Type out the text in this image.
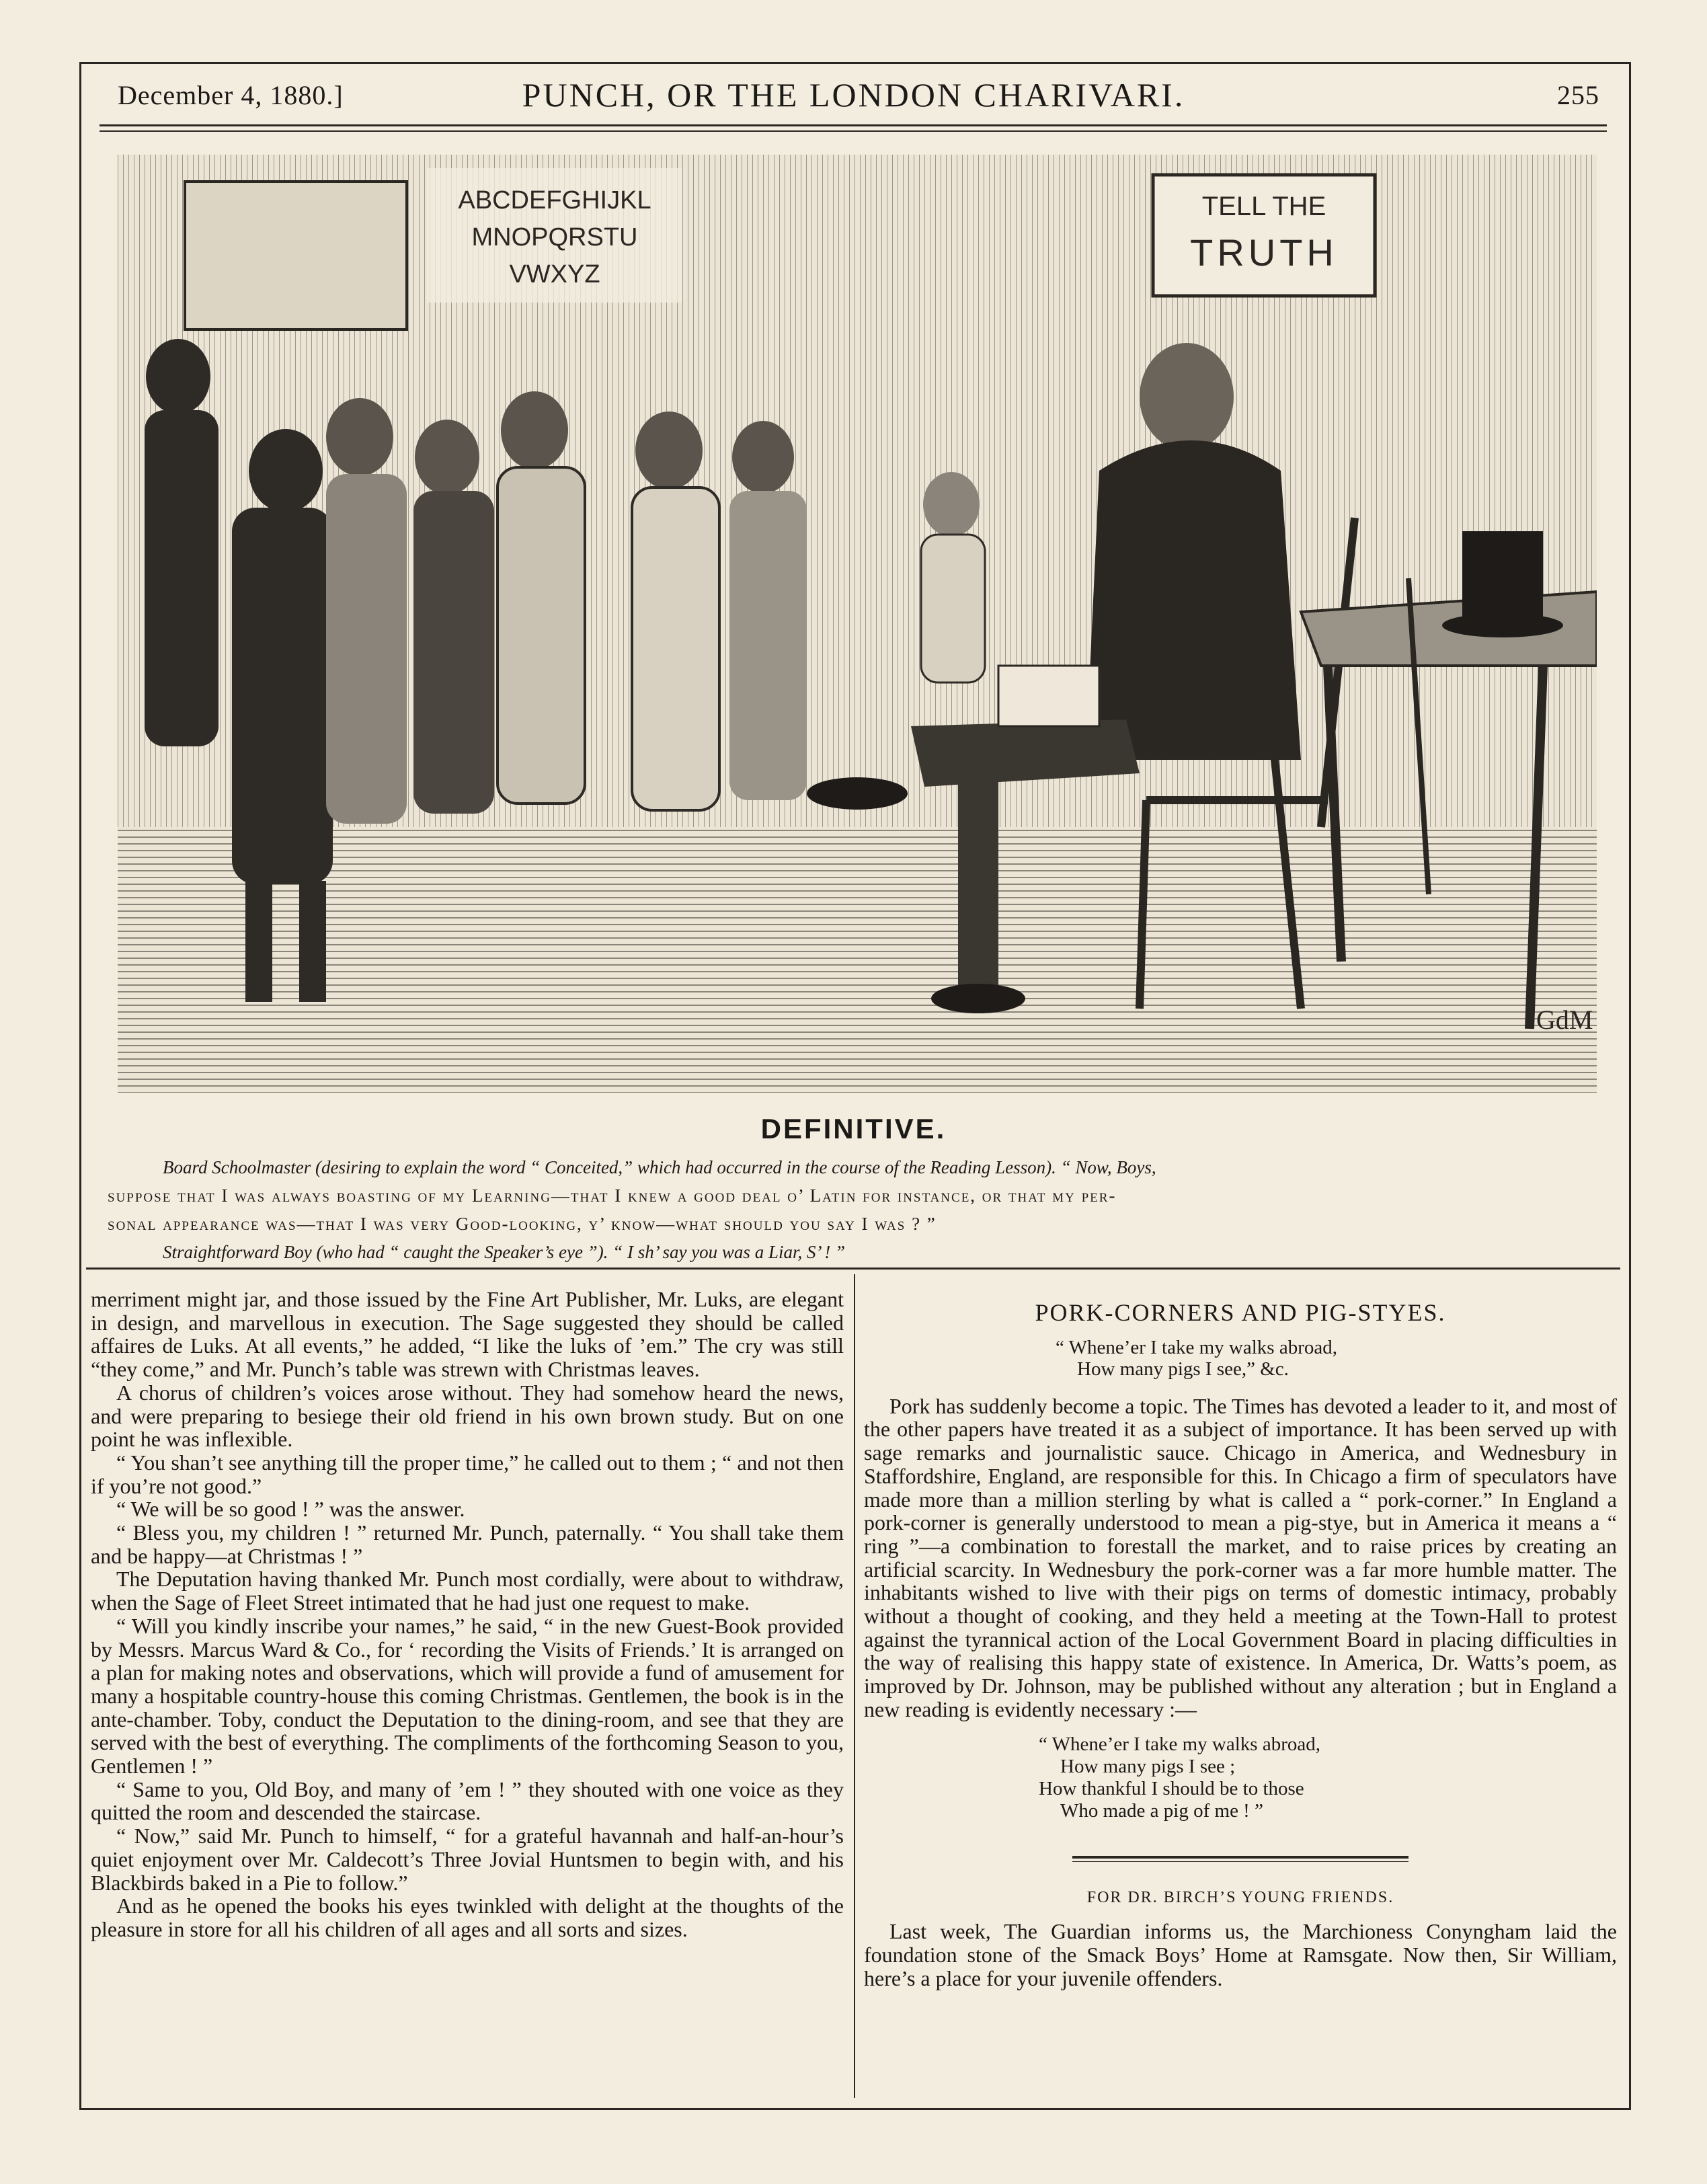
December 4, 1880.]	PUNCH, OR THE LONDON CHARIVARI.	255
ABCDEFGHIJKL
MNOPQRSTU
VWXYZ
TELL THE
TRUTH
GdM
DEFINITIVE.
Board Schoolmaster (desiring to explain the word “ Conceited,” which had occurred in the course of the Reading Lesson). “ Now, Boys,
suppose that I was always boasting of my Learning—that I knew a good deal o’ Latin for instance, or that my per-
sonal appearance was—that I was very Good-looking, y’ know—what should you say I was ? ”
Straightforward Boy (who had “ caught the Speaker’s eye ”). “ I sh’ say you was a Liar, S’ ! ”

merriment might jar, and those issued by the Fine Art Publisher, Mr. Luks, are elegant in design, and marvellous in execution. The Sage suggested they should be called affaires de Luks. At all events,” he added, “I like the luks of ’em.” The cry was still “they come,” and Mr. Punch’s table was strewn with Christmas leaves.

A chorus of children’s voices arose without. They had somehow heard the news, and were preparing to besiege their old friend in his own brown study. But on one point he was inflexible.

“ You shan’t see anything till the proper time,” he called out to them ; “ and not then if you’re not good.”

“ We will be so good ! ” was the answer.

“ Bless you, my children ! ” returned Mr. Punch, paternally. “ You shall take them and be happy—at Christmas ! ”

The Deputation having thanked Mr. Punch most cordially, were about to withdraw, when the Sage of Fleet Street intimated that he had just one request to make.

“ Will you kindly inscribe your names,” he said, “ in the new Guest-Book provided by Messrs. Marcus Ward & Co., for ‘ recording the Visits of Friends.’ It is arranged on a plan for making notes and observations, which will provide a fund of amusement for many a hospitable country-house this coming Christmas. Gentlemen, the book is in the ante-chamber. Toby, conduct the Deputation to the dining-room, and see that they are served with the best of everything. The compliments of the forthcoming Season to you, Gentlemen ! ”

“ Same to you, Old Boy, and many of ’em ! ” they shouted with one voice as they quitted the room and descended the staircase.

“ Now,” said Mr. Punch to himself, “ for a grateful havannah and half-an-hour’s quiet enjoyment over Mr. Caldecott’s Three Jovial Huntsmen to begin with, and his Blackbirds baked in a Pie to follow.”

And as he opened the books his eyes twinkled with delight at the thoughts of the pleasure in store for all his children of all ages and all sorts and sizes.

PORK-CORNERS AND PIG-STYES.

“ Whene’er I take my walks abroad,
How many pigs I see,” &c.

Pork has suddenly become a topic. The Times has devoted a leader to it, and most of the other papers have treated it as a subject of importance. It has been served up with sage remarks and journalistic sauce. Chicago in America, and Wednesbury in Staffordshire, England, are responsible for this. In Chicago a firm of speculators have made more than a million sterling by what is called a “ pork-corner.” In England a pork-corner is generally understood to mean a pig-stye, but in America it means a “ ring ”—a combination to forestall the market, and to raise prices by creating an artificial scarcity. In Wednesbury the pork-corner was a far more humble matter. The inhabitants wished to live with their pigs on terms of domestic intimacy, probably without a thought of cooking, and they held a meeting at the Town-Hall to protest against the tyrannical action of the Local Government Board in placing difficulties in the way of realising this happy state of existence. In America, Dr. Watts’s poem, as improved by Dr. Johnson, may be published without any alteration ; but in England a new reading is evidently necessary :—

“ Whene’er I take my walks abroad,
How many pigs I see ;
How thankful I should be to those
Who made a pig of me ! ”

FOR DR. BIRCH’S YOUNG FRIENDS.

Last week, The Guardian informs us, the Marchioness Conyngham laid the foundation stone of the Smack Boys’ Home at Ramsgate. Now then, Sir William, here’s a place for your juvenile offenders.
